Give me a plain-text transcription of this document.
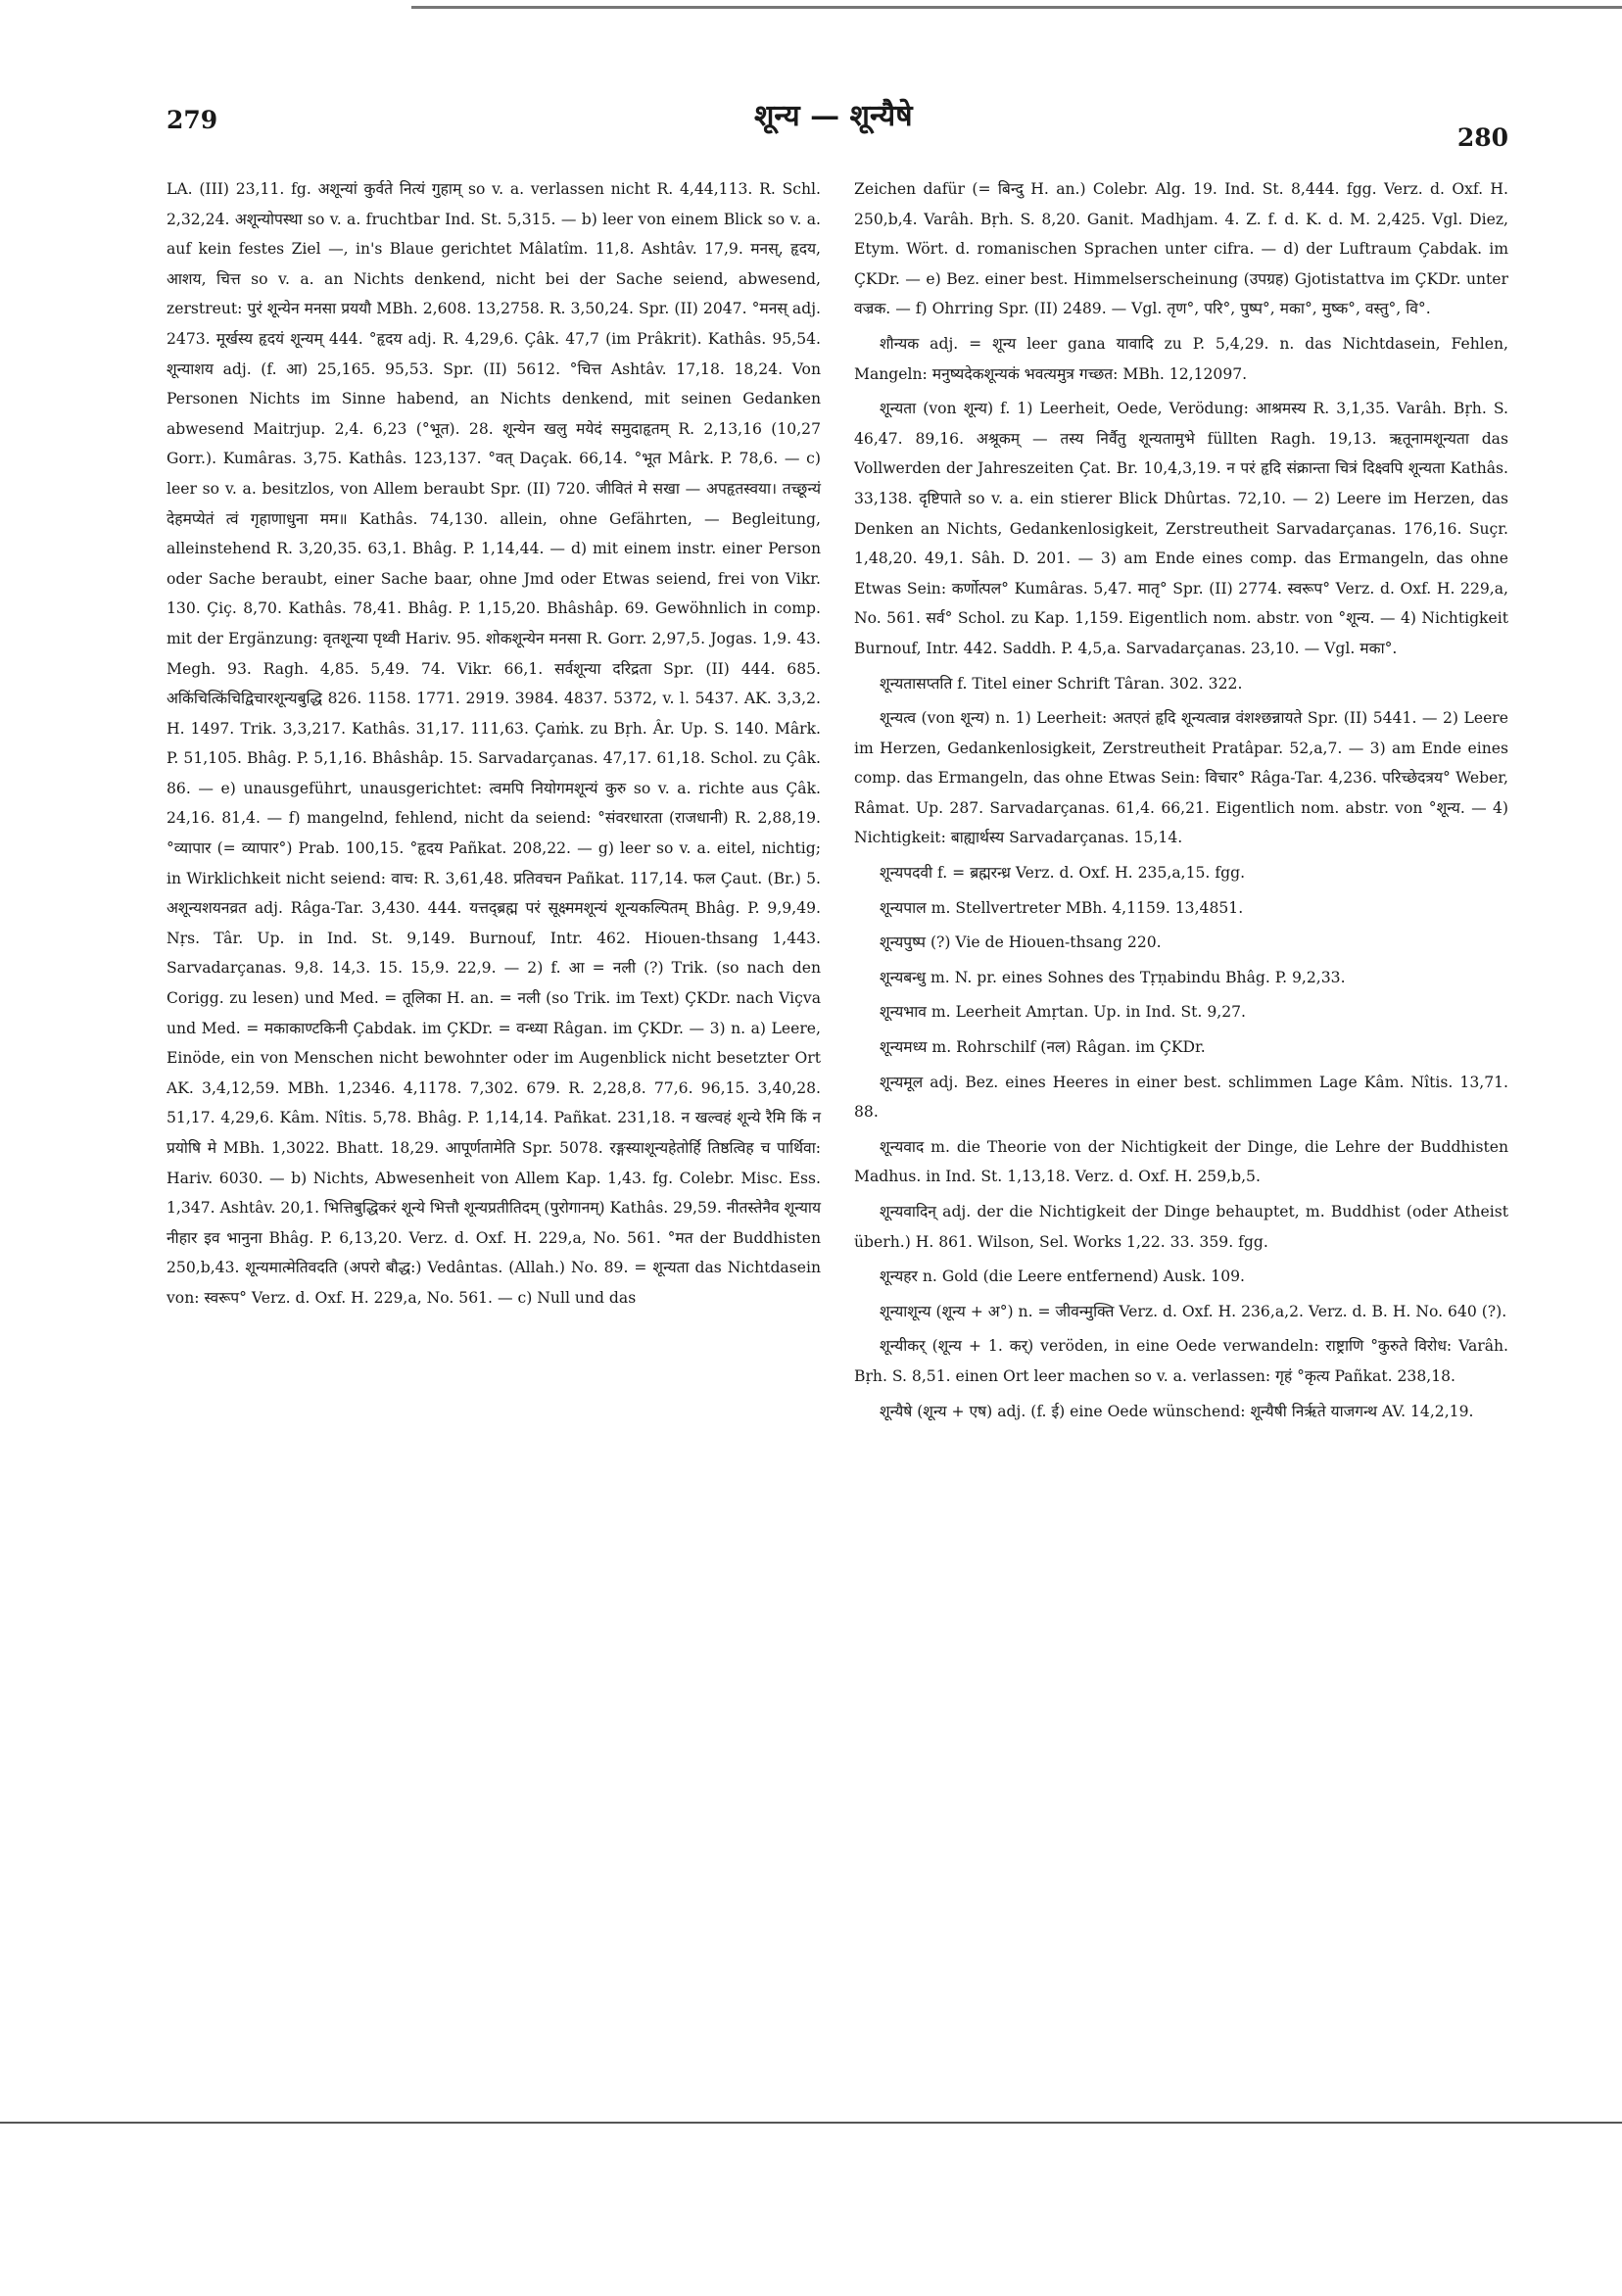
279	शून्य — शून्यैषे
280

LA. (III) 23,11. fg. अशून्यां कुर्वते नित्यं गुहाम् so v. a. verlassen nicht R. 4,44,113. R. Schl. 2,32,24. अशून्योपस्था so v. a. fruchtbar Ind. St. 5,315. — b) leer von einem Blick so v. a. auf kein festes Ziel —, in's Blaue gerichtet Mâlatîm. 11,8. Ashtâv. 17,9. मनस्, हृदय, आशय, चित्त so v. a. an Nichts denkend, nicht bei der Sache seiend, abwesend, zerstreut: पुरं शून्येन मनसा प्रययौ MBh. 2,608. 13,2758. R. 3,50,24. Spr. (II) 2047. °मनस् adj. 2473. मूर्खस्य हृदयं शून्यम् 444. °हृदय adj. R. 4,29,6. Çâk. 47,7 (im Prâkrit). Kathâs. 95,54. शून्याशय adj. (f. आ) 25,165. 95,53. Spr. (II) 5612. °चित्त Ashtâv. 17,18. 18,24. Von Personen Nichts im Sinne habend, an Nichts denkend, mit seinen Gedanken abwesend Maitrjup. 2,4. 6,23 (°भूत). 28. शून्येन खलु मयेदं समुदाहृतम् R. 2,13,16 (10,27 Gorr.). Kumâras. 3,75. Kathâs. 123,137. °वत् Daçak. 66,14. °भूत Mârk. P. 78,6. — c) leer so v. a. besitzlos, von Allem beraubt Spr. (II) 720. जीवितं मे सखा — अपहृतस्वया। तच्छून्यं देहमप्येतं त्वं गृहाणाधुना मम॥ Kathâs. 74,130. allein, ohne Gefährten, — Begleitung, alleinstehend R. 3,20,35. 63,1. Bhâg. P. 1,14,44. — d) mit einem instr. einer Person oder Sache beraubt, einer Sache baar, ohne Jmd oder Etwas seiend, frei von Vikr. 130. Çiç. 8,70. Kathâs. 78,41. Bhâg. P. 1,15,20. Bhâshâp. 69. Gewöhnlich in comp. mit der Ergänzung: वृतशून्या पृथ्वी Hariv. 95. शोकशून्येन मनसा R. Gorr. 2,97,5. Jogas. 1,9. 43. Megh. 93. Ragh. 4,85. 5,49. 74. Vikr. 66,1. सर्वशून्या दरिद्रता Spr. (II) 444. 685. अकिंचित्किंचिद्विचारशून्यबुद्धि 826. 1158. 1771. 2919. 3984. 4837. 5372, v. l. 5437. AK. 3,3,2. H. 1497. Trik. 3,3,217. Kathâs. 31,17. 111,63. Çaṁk. zu Bṛh. Âr. Up. S. 140. Mârk. P. 51,105. Bhâg. P. 5,1,16. Bhâshâp. 15. Sarvadarçanas. 47,17. 61,18. Schol. zu Çâk. 86. — e) unausgeführt, unausgerichtet: त्वमपि नियोगमशून्यं कुरु so v. a. richte aus Çâk. 24,16. 81,4. — f) mangelnd, fehlend, nicht da seiend: °संवरधारता (राजधानी) R. 2,88,19. °व्यापार (= व्यापार°) Prab. 100,15. °हृदय Pañkat. 208,22. — g) leer so v. a. eitel, nichtig; in Wirklichkeit nicht seiend: वाच: R. 3,61,48. प्रतिवचन Pañkat. 117,14. फल Çaut. (Br.) 5. अशून्यशयनव्रत adj. Râga-Tar. 3,430. 444. यत्तद्ब्रह्म परं सूक्ष्ममशून्यं शून्यकल्पितम् Bhâg. P. 9,9,49. Nṛs. Târ. Up. in Ind. St. 9,149. Burnouf, Intr. 462. Hiouen-thsang 1,443. Sarvadarçanas. 9,8. 14,3. 15. 15,9. 22,9. — 2) f. आ = नली (?) Trik. (so nach den Corigg. zu lesen) und Med. = तूलिका H. an. = नली (so Trik. im Text) ÇKDr. nach Viçva und Med. = मकाकाण्टकिनी Çabdak. im ÇKDr. = वन्ध्या Râgan. im ÇKDr. — 3) n. a) Leere, Einöde, ein von Menschen nicht bewohnter oder im Augenblick nicht besetzter Ort AK. 3,4,12,59. MBh. 1,2346. 4,1178. 7,302. 679. R. 2,28,8. 77,6. 96,15. 3,40,28. 51,17. 4,29,6. Kâm. Nîtis. 5,78. Bhâg. P. 1,14,14. Pañkat. 231,18. न खल्वहं शून्ये रैमि किं न प्रयोषि मे MBh. 1,3022. Bhatt. 18,29. आपूर्णतामेति Spr. 5078. रङ्गस्याशून्यहेतोर्हि तिष्ठत्विह च पार्थिवा: Hariv. 6030. — b) Nichts, Abwesenheit von Allem Kap. 1,43. fg. Colebr. Misc. Ess. 1,347. Ashtâv. 20,1. भित्तिबुद्धिकरं शून्ये भित्तौ शून्यप्रतीतिदम् (पुरोगानम्) Kathâs. 29,59. नीतस्तेनैव शून्याय नीहार इव भानुना Bhâg. P. 6,13,20. Verz. d. Oxf. H. 229,a, No. 561. °मत der Buddhisten 250,b,43. शून्यमात्मेतिवदति (अपरो बौद्ध:) Vedântas. (Allah.) No. 89. = शून्यता das Nichtdasein von: स्वरूप° Verz. d. Oxf. H. 229,a, No. 561. — c) Null und das

Zeichen dafür (= बिन्दु H. an.) Colebr. Alg. 19. Ind. St. 8,444. fgg. Verz. d. Oxf. H. 250,b,4. Varâh. Bṛh. S. 8,20. Ganit. Madhjam. 4. Z. f. d. K. d. M. 2,425. Vgl. Diez, Etym. Wört. d. romanischen Sprachen unter cifra. — d) der Luftraum Çabdak. im ÇKDr. — e) Bez. einer best. Himmelserscheinung (उपग्रह) Gjotistattva im ÇKDr. unter वज्रक. — f) Ohrring Spr. (II) 2489. — Vgl. तृण°, परि°, पुष्प°, मका°, मुष्क°, वस्तु°, वि°.

शौन्यक adj. = शून्य leer gana यावादि zu P. 5,4,29. n. das Nichtdasein, Fehlen, Mangeln: मनुष्यदेकशून्यकं भवत्यमुत्र गच्छत: MBh. 12,12097.

शून्यता (von शून्य) f. 1) Leerheit, Oede, Verödung: आश्रमस्य R. 3,1,35. Varâh. Bṛh. S. 46,47. 89,16. अश्रूकम् — तस्य निर्वैतु शून्यतामुभे füllten Ragh. 19,13. ऋतूनामशून्यता das Vollwerden der Jahreszeiten Çat. Br. 10,4,3,19. न परं हृदि संक्रान्ता चित्रं दिक्ष्वपि शून्यता Kathâs. 33,138. दृष्टिपाते so v. a. ein stierer Blick Dhûrtas. 72,10. — 2) Leere im Herzen, das Denken an Nichts, Gedankenlosigkeit, Zerstreutheit Sarvadarçanas. 176,16. Suçr. 1,48,20. 49,1. Sâh. D. 201. — 3) am Ende eines comp. das Ermangeln, das ohne Etwas Sein: कर्णोत्पल° Kumâras. 5,47. मातृ° Spr. (II) 2774. स्वरूप° Verz. d. Oxf. H. 229,a, No. 561. सर्व° Schol. zu Kap. 1,159. Eigentlich nom. abstr. von °शून्य. — 4) Nichtigkeit Burnouf, Intr. 442. Saddh. P. 4,5,a. Sarvadarçanas. 23,10. — Vgl. मका°.

शून्यतासप्तति f. Titel einer Schrift Târan. 302. 322.

शून्यत्व (von शून्य) n. 1) Leerheit: अतएतं हृदि शून्यत्वान्न वंशश्छन्नायते Spr. (II) 5441. — 2) Leere im Herzen, Gedankenlosigkeit, Zerstreutheit Pratâpar. 52,a,7. — 3) am Ende eines comp. das Ermangeln, das ohne Etwas Sein: विचार° Râga-Tar. 4,236. परिच्छेदत्रय° Weber, Râmat. Up. 287. Sarvadarçanas. 61,4. 66,21. Eigentlich nom. abstr. von °शून्य. — 4) Nichtigkeit: बाह्यार्थस्य Sarvadarçanas. 15,14.

शून्यपदवी f. = ब्रह्मरन्ध्र Verz. d. Oxf. H. 235,a,15. fgg.

शून्यपाल m. Stellvertreter MBh. 4,1159. 13,4851.

शून्यपुष्प (?) Vie de Hiouen-thsang 220.

शून्यबन्धु m. N. pr. eines Sohnes des Tṛṇabindu Bhâg. P. 9,2,33.

शून्यभाव m. Leerheit Amṛtan. Up. in Ind. St. 9,27.

शून्यमध्य m. Rohrschilf (नल) Râgan. im ÇKDr.

शून्यमूल adj. Bez. eines Heeres in einer best. schlimmen Lage Kâm. Nîtis. 13,71. 88.

शून्यवाद m. die Theorie von der Nichtigkeit der Dinge, die Lehre der Buddhisten Madhus. in Ind. St. 1,13,18. Verz. d. Oxf. H. 259,b,5.

शून्यवादिन् adj. der die Nichtigkeit der Dinge behauptet, m. Buddhist (oder Atheist überh.) H. 861. Wilson, Sel. Works 1,22. 33. 359. fgg.

शून्यहर n. Gold (die Leere entfernend) Ausk. 109.

शून्याशून्य (शून्य + अ°) n. = जीवन्मुक्ति Verz. d. Oxf. H. 236,a,2. Verz. d. B. H. No. 640 (?).

शून्यीकर् (शून्य + 1. कर्) veröden, in eine Oede verwandeln: राष्ट्राणि °कुरुते विरोध: Varâh. Bṛh. S. 8,51. einen Ort leer machen so v. a. verlassen: गृहं °कृत्य Pañkat. 238,18.

शून्यैषे (शून्य + एष) adj. (f. ई) eine Oede wünschend: शून्यैषी निर्ऋते याजगन्थ AV. 14,2,19.
